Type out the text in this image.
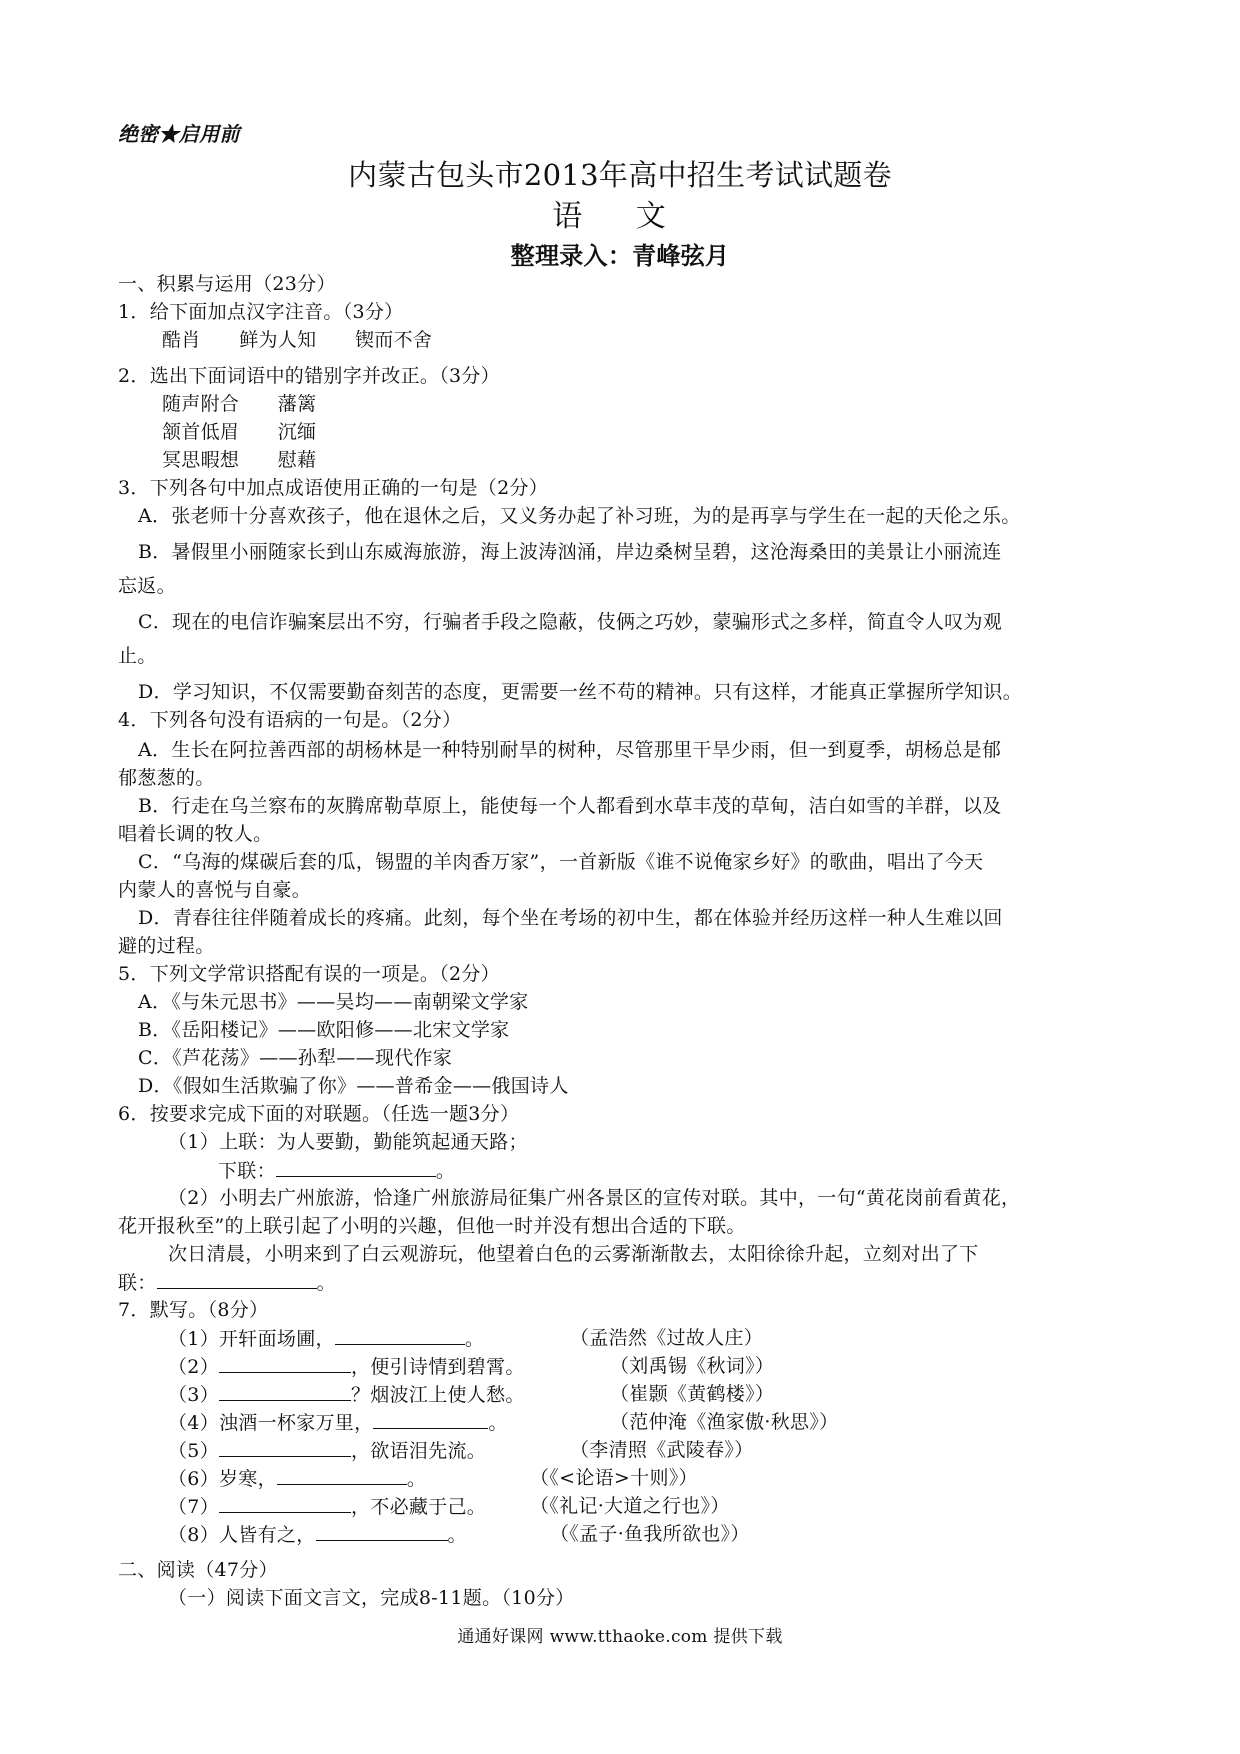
绝密★启用前
内蒙古包头市2013年高中招生考试试题卷
语 文
整理录入：青峰弦月
一、积累与运用（23分）
1．给下面加点汉字注音。（3分）
酷肖　　鲜为人知　　锲而不舍
2．选出下面词语中的错别字并改正。（3分）
随声附合　　藩篱
颔首低眉　　沉缅
冥思暇想　　慰藉
3．下列各句中加点成语使用正确的一句是（2分）
A．张老师十分喜欢孩子，他在退休之后，又义务办起了补习班，为的是再享与学生在一起的天伦之乐。
B．暑假里小丽随家长到山东威海旅游，海上波涛汹涌，岸边桑树呈碧，这沧海桑田的美景让小丽流连
忘返。
C．现在的电信诈骗案层出不穷，行骗者手段之隐蔽，伎俩之巧妙，蒙骗形式之多样，简直令人叹为观
止。
D．学习知识，不仅需要勤奋刻苦的态度，更需要一丝不苟的精神。只有这样，才能真正掌握所学知识。
4．下列各句没有语病的一句是。（2分）
A．生长在阿拉善西部的胡杨林是一种特别耐旱的树种，尽管那里干旱少雨，但一到夏季，胡杨总是郁
郁葱葱的。
B．行走在乌兰察布的灰腾席勒草原上，能使每一个人都看到水草丰茂的草甸，洁白如雪的羊群，以及
唱着长调的牧人。
C．“乌海的煤碳后套的瓜，锡盟的羊肉香万家”，一首新版《谁不说俺家乡好》的歌曲，唱出了今天
内蒙人的喜悦与自豪。
D．青春往往伴随着成长的疼痛。此刻，每个坐在考场的初中生，都在体验并经历这样一种人生难以回
避的过程。
5．下列文学常识搭配有误的一项是。（2分）
A．《与朱元思书》——吴均——南朝梁文学家
B．《岳阳楼记》——欧阳修——北宋文学家
C．《芦花荡》——孙犁——现代作家
D．《假如生活欺骗了你》——普希金——俄国诗人
6．按要求完成下面的对联题。（任选一题3分）
（1）上联：为人要勤，勤能筑起通天路；
下联：	。
（2）小明去广州旅游，恰逢广州旅游局征集广州各景区的宣传对联。其中，一句“黄花岗前看黄花，
花开报秋至”的上联引起了小明的兴趣，但他一时并没有想出合适的下联。
次日清晨，小明来到了白云观游玩，他望着白色的云雾渐渐散去，太阳徐徐升起，立刻对出了下
联：	。
7．默写。（8分）
（1）开轩面场圃，	。	（孟浩然《过故人庄）
（2）	，便引诗情到碧霄。	（刘禹锡《秋词》）
（3）	？烟波江上使人愁。	（崔颢《黄鹤楼》）
（4）浊酒一杯家万里，	。	（范仲淹《渔家傲·秋思》）
（5）	，欲语泪先流。	（李清照《武陵春》）
（6）岁寒，	。	（《<论语>十则》）
（7）	，不必藏于己。 （《礼记·大道之行也》）
（8）人皆有之，	。	（《孟子·鱼我所欲也》）
二、阅读（47分）
（一）阅读下面文言文，完成8-11题。（10分）
通通好课网 www.tthaoke.com 提供下载
